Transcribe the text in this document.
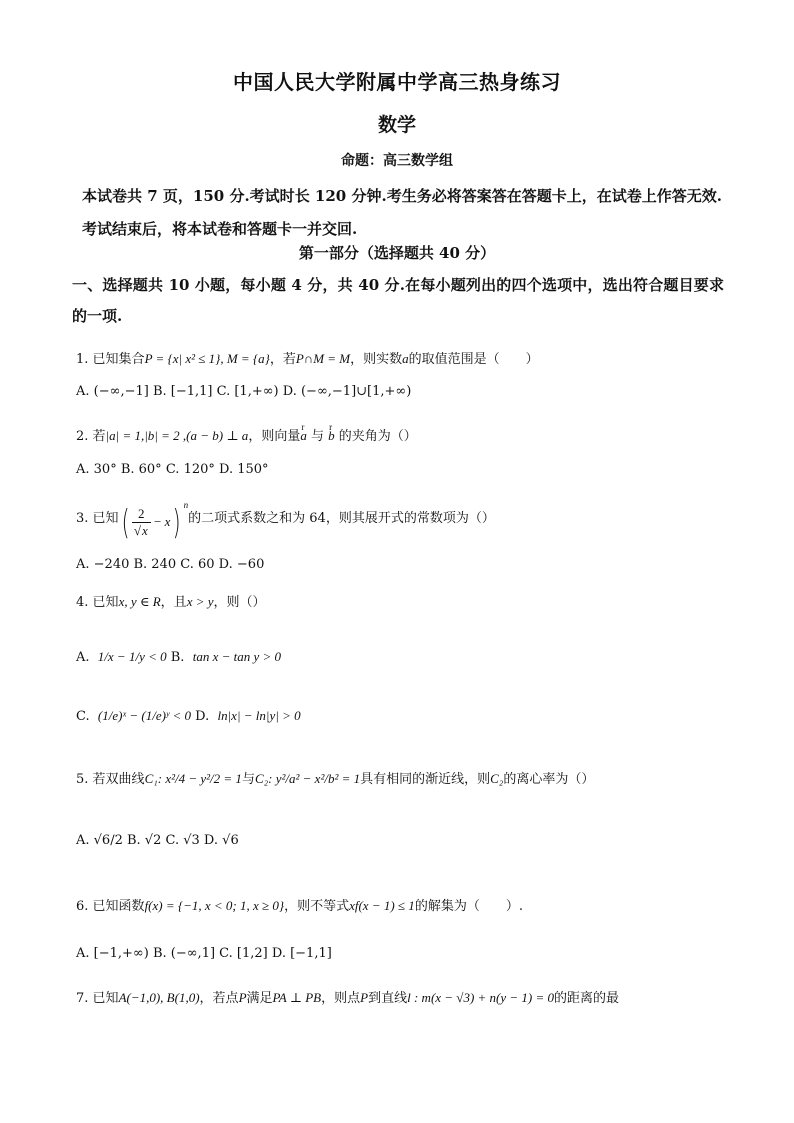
中国人民大学附属中学高三热身练习
数学
命题：高三数学组
本试卷共 7 页，150 分.考试时长 120 分钟.考生务必将答案答在答题卡上，在试卷上作答无效.考试结束后，将本试卷和答题卡一并交回.
第一部分（选择题共 40 分）
一、选择题共 10 小题，每小题 4 分，共 40 分.在每小题列出的四个选项中，选出符合题目要求的一项.
1. 已知集合P = {x| x² ≤ 1}, M = {a}，若P∩M = M，则实数a的取值范围是（　　）
A. (−∞,−1] B. [−1,1] C. [1,+∞) D. (−∞,−1]∪[1,+∞)
2. 若|a| = 1,|b| = 2 ,(a − b) ⊥ a，则向量r a 与 r b 的夹角为（）
A. 30° B. 60° C. 120° D. 150°
3. 已知( $\frac{2}{√x} - x$) $^n$的二项式系数之和为 64，则其展开式的常数项为（）
A. −240 B. 240 C. 60 D. −60
4. 已知x, y ∈ R，且x > y，则（）
A.  1/x − 1/y < 0 B.  tan x − tan y > 0
C.  (1/e)ˣ − (1/e)ʸ < 0 D.  ln|x| − ln|y| > 0
5. 若双曲线C₁: x²/4 − y²/2 = 1与C₂: y²/a² − x²/b² = 1具有相同的渐近线，则C₂的离心率为（）
A. √6/2 B. √2 C. √3 D. √6
6. 已知函数f(x) = {−1, x < 0; 1, x ≥ 0}，则不等式xf(x − 1) ≤ 1的解集为（　　）.
A. [−1,+∞) B. (−∞,1] C. [1,2] D. [−1,1]
7. 已知A(−1,0), B(1,0)，若点P满足PA ⊥ PB，则点P到直线l : m(x − √3) + n(y − 1) = 0的距离的最
